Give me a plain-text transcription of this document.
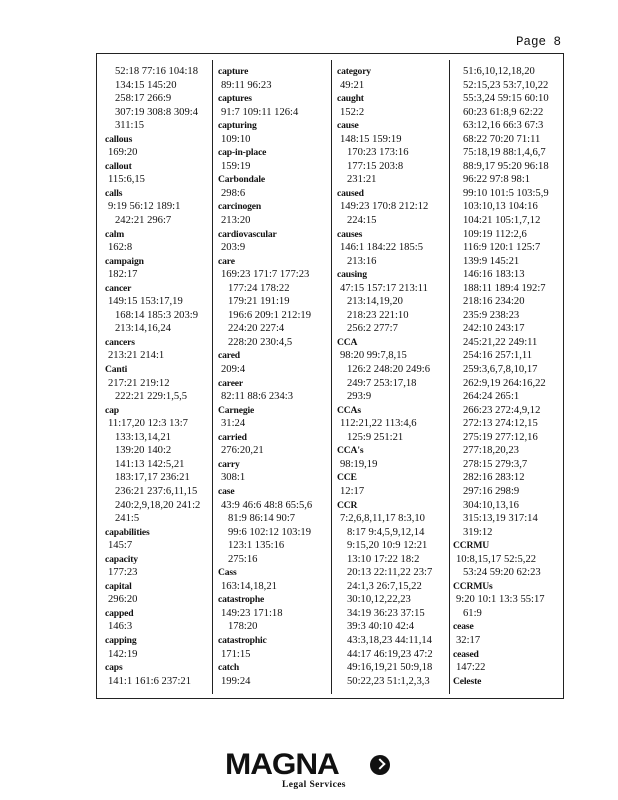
Page 8
52:18 77:16 104:18
134:15 145:20
258:17 266:9
307:19 308:8 309:4
311:15
callous
169:20
callout
115:6,15
calls
9:19 56:12 189:1
242:21 296:7
calm
162:8
campaign
182:17
cancer
149:15 153:17,19
168:14 185:3 203:9
213:14,16,24
cancers
213:21 214:1
Canti
217:21 219:12
222:21 229:1,5,5
cap
11:17,20 12:3 13:7
133:13,14,21
139:20 140:2
141:13 142:5,21
183:17,17 236:21
236:21 237:6,11,15
240:2,9,18,20 241:2
241:5
capabilities
145:7
capacity
177:23
capital
296:20
capped
146:3
capping
142:19
caps
141:1 161:6 237:21
capture
89:11 96:23
captures
91:7 109:11 126:4
capturing
109:10
cap-in-place
159:19
Carbondale
298:6
carcinogen
213:20
cardiovascular
203:9
care
169:23 171:7 177:23
177:24 178:22
179:21 191:19
196:6 209:1 212:19
224:20 227:4
228:20 230:4,5
cared
209:4
career
82:11 88:6 234:3
Carnegie
31:24
carried
276:20,21
carry
308:1
case
43:9 46:6 48:8 65:5,6
81:9 86:14 90:7
99:6 102:12 103:19
123:1 135:16
275:16
Cass
163:14,18,21
catastrophe
149:23 171:18
178:20
catastrophic
171:15
catch
199:24
category
49:21
caught
152:2
cause
148:15 159:19
170:23 173:16
177:15 203:8
231:21
caused
149:23 170:8 212:12
224:15
causes
146:1 184:22 185:5
213:16
causing
47:15 157:17 213:11
213:14,19,20
218:23 221:10
256:2 277:7
CCA
98:20 99:7,8,15
126:2 248:20 249:6
249:7 253:17,18
293:9
CCAs
112:21,22 113:4,6
125:9 251:21
CCA's
98:19,19
CCE
12:17
CCR
7:2,6,8,11,17 8:3,10
8:17 9:4,5,9,12,14
9:15,20 10:9 12:21
13:10 17:22 18:2
20:13 22:11,22 23:7
24:1,3 26:7,15,22
30:10,12,22,23
34:19 36:23 37:15
39:3 40:10 42:4
43:3,18,23 44:11,14
44:17 46:19,23 47:2
49:16,19,21 50:9,18
50:22,23 51:1,2,3,3
51:6,10,12,18,20
52:15,23 53:7,10,22
55:3,24 59:15 60:10
60:23 61:8,9 62:22
63:12,16 66:3 67:3
68:22 70:20 71:11
75:18,19 88:1,4,6,7
88:9,17 95:20 96:18
96:22 97:8 98:1
99:10 101:5 103:5,9
103:10,13 104:16
104:21 105:1,7,12
109:19 112:2,6
116:9 120:1 125:7
139:9 145:21
146:16 183:13
188:11 189:4 192:7
218:16 234:20
235:9 238:23
242:10 243:17
245:21,22 249:11
254:16 257:1,11
259:3,6,7,8,10,17
262:9,19 264:16,22
264:24 265:1
266:23 272:4,9,12
272:13 274:12,15
275:19 277:12,16
277:18,20,23
278:15 279:3,7
282:16 283:12
297:16 298:9
304:10,13,16
315:13,19 317:14
319:12
CCRMU
10:8,15,17 52:5,22
53:24 59:20 62:23
CCRMUs
9:20 10:1 13:3 55:17
61:9
cease
32:17
ceased
147:22
Celeste
MAGNA
Legal Services
